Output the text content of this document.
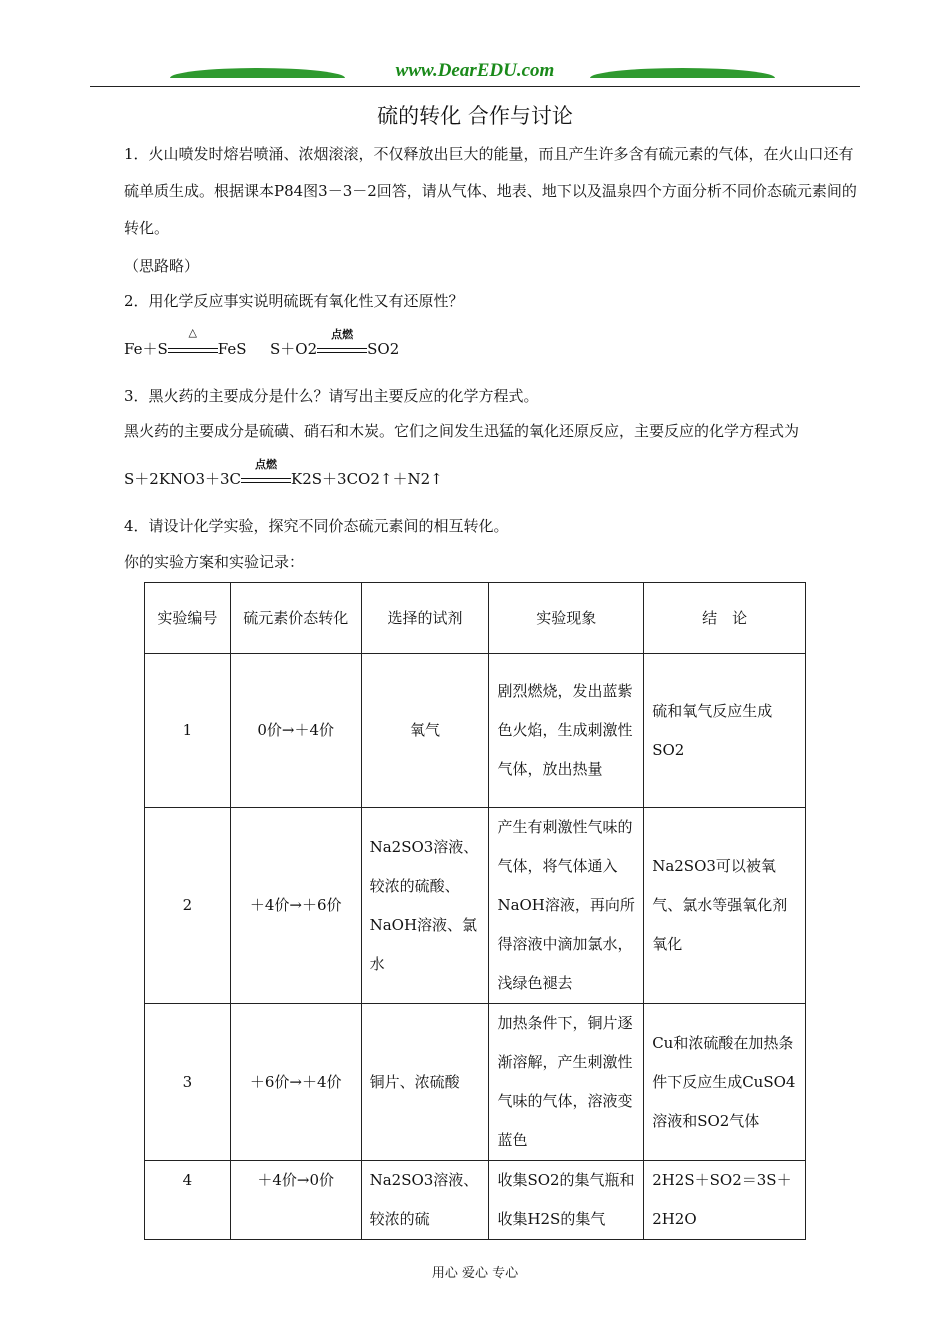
www.DearEDU.com
硫的转化 合作与讨论
1．火山喷发时熔岩喷涌、浓烟滚滚，不仅释放出巨大的能量，而且产生许多含有硫元素的气体，在火山口还有硫单质生成。根据课本P84图3－3－2回答，请从气体、地表、地下以及温泉四个方面分析不同价态硫元素间的转化。
（思路略）
2．用化学反应事实说明硫既有氧化性又有还原性？
Fe＋S
△
FeS S＋O2
点燃
SO2
3．黑火药的主要成分是什么？请写出主要反应的化学方程式。
黑火药的主要成分是硫磺、硝石和木炭。它们之间发生迅猛的氧化还原反应，主要反应的化学方程式为
S＋2KNO3＋3C
点燃
K2S＋3CO2↑＋N2↑
4．请设计化学实验，探究不同价态硫元素间的相互转化。
你的实验方案和实验记录：
实验编号	硫元素价态转化	选择的试剂	实验现象	结　论
1	0价→＋4价	氧气	剧烈燃烧，发出蓝紫色火焰，生成刺激性气体，放出热量	硫和氧气反应生成SO2
2	＋4价→＋6价	Na2SO3溶液、较浓的硫酸、NaOH溶液、氯水	产生有刺激性气味的气体，将气体通入NaOH溶液，再向所得溶液中滴加氯水，浅绿色褪去	Na2SO3可以被氧气、氯水等强氧化剂氧化
3	＋6价→＋4价	铜片、浓硫酸	加热条件下，铜片逐渐溶解，产生刺激性气味的气体，溶液变蓝色	Cu和浓硫酸在加热条件下反应生成CuSO4溶液和SO2气体
4	＋4价→0价	Na2SO3溶液、较浓的硫	收集SO2的集气瓶和收集H2S的集气	2H2S＋SO2＝3S＋2H2O
用心 爱心 专心
